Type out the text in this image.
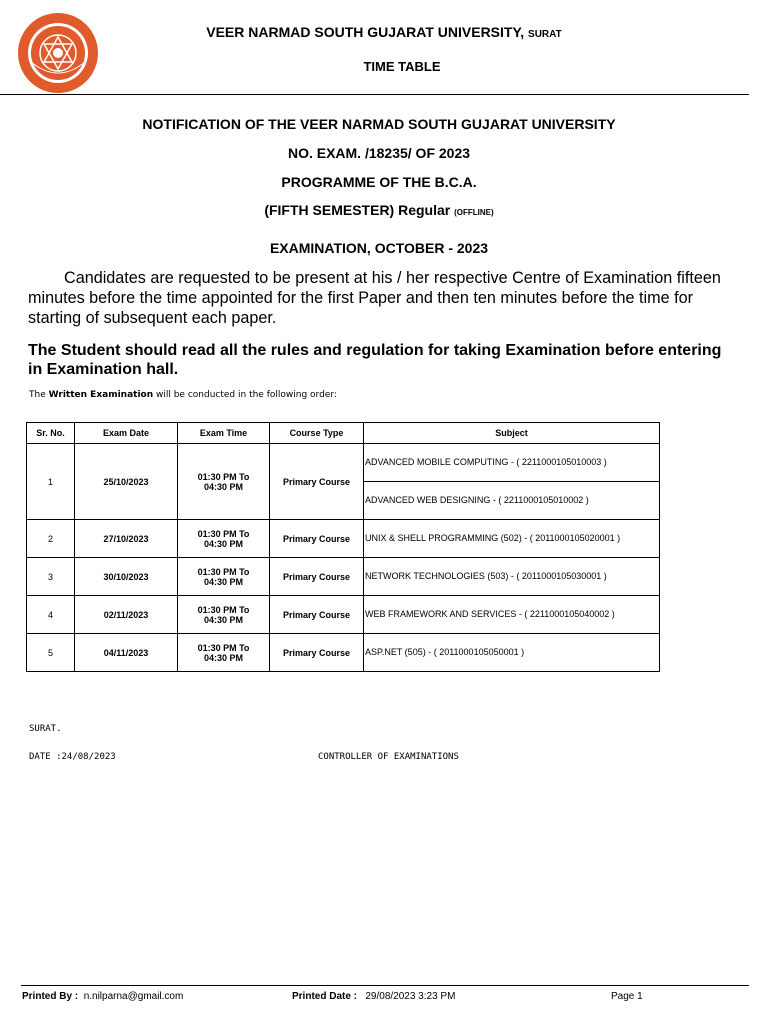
VEER NARMAD SOUTH GUJARAT UNIVERSITY, SURAT
TIME TABLE
NOTIFICATION OF THE VEER NARMAD SOUTH GUJARAT UNIVERSITY
NO. EXAM. /18235/ OF 2023
PROGRAMME OF THE B.C.A.
(FIFTH SEMESTER) Regular (OFFLINE)
EXAMINATION, OCTOBER - 2023
Candidates are requested to be present at his / her respective Centre of Examination fifteen minutes before the time appointed for the first Paper and then ten minutes before the time for starting of subsequent each paper.
The Student should read all the rules and regulation for taking Examination before entering in Examination hall.
The Written Examination will be conducted in the following order:
Sr. No.	Exam Date	Exam Time	Course Type	Subject
1	25/10/2023	01:30 PM To
04:30 PM	Primary Course	ADVANCED MOBILE COMPUTING - ( 2211000105010003 )
				ADVANCED WEB DESIGNING - ( 2211000105010002 )
2	27/10/2023	01:30 PM To
04:30 PM	Primary Course	UNIX & SHELL PROGRAMMING (502) - ( 2011000105020001 )
3	30/10/2023	01:30 PM To
04:30 PM	Primary Course	NETWORK TECHNOLOGIES (503) - ( 2011000105030001 )
4	02/11/2023	01:30 PM To
04:30 PM	Primary Course	WEB FRAMEWORK AND SERVICES - ( 2211000105040002 )
5	04/11/2023	01:30 PM To
04:30 PM	Primary Course	ASP.NET (505) - ( 2011000105050001 )
SURAT.
DATE :24/08/2023	CONTROLLER OF EXAMINATIONS
Printed By : n.nilparna@gmail.com	Printed Date : 29/08/2023 3:23 PM	Page 1
